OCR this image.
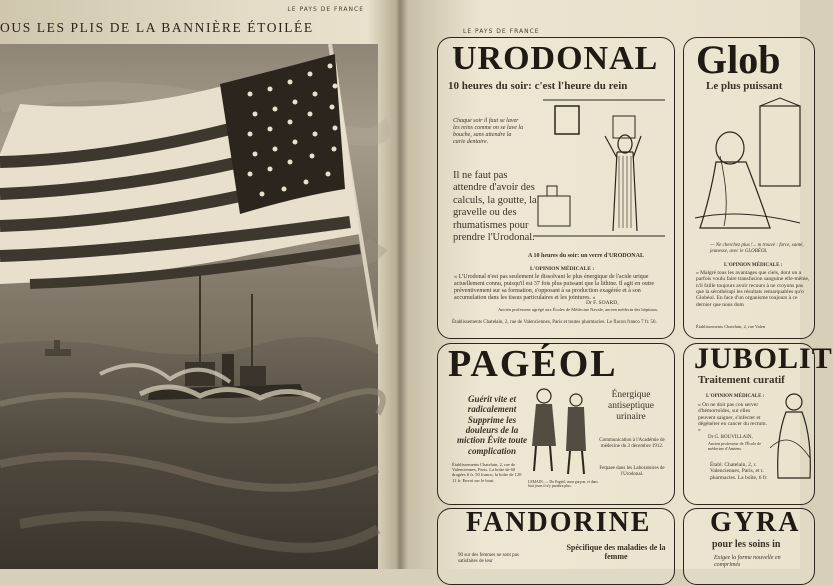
LE PAYS DE FRANCE
OUS LES PLIS DE LA BANNIÈRE ÉTOILÉE	LE PAYS DE FRANCE
URODONAL
10 heures du soir: c'est l'heure du rein
Chaque soir il faut se laver les reins comme on se lave la bouche, sans attendre la carie dentaire.
Il ne faut pas attendre d'avoir des calculs, la goutte, la gravelle ou des rhumatismes pour prendre l'Urodonal.
A 10 heures du soir: un verre d'URODONAL
L'OPINION MÉDICALE :
« L'Urodonal n'est pas seulement le dissolvant le plus énergique de l'acide urique actuellement connu, puisqu'il est 37 fois plus puissant que la lithine. Il agit en outre préventivement sur sa formation, s'opposant à sa production exagérée et à son accumulation dans les tissus particulaires et les jointures. »
Dr F. SOARD,
Ancien professeur agrégé aux Écoles de Médecine Navale, ancien médecin des hôpitaux.
Établissements Chatelain, 2, rue de Valenciennes, Paris et toutes pharmacies. Le flacon franco 7 fr. 50.
Glob
Le plus puissant
— Ne cherchez plus !... m trouvé : force, santé, jeunesse, avec le GLOBÉOL
L'OPINION MÉDICALE :
« Malgré tous les avantages que ciels, dont on a parfois voulu faire transfusion sanguine elle-même, n'il faille toujours avoir recours à ne croyons pas que la sérothérapi les résultats remarquables qu'o Globéol. En face d'un organisme toujours à ce dernier que nous dom
Établissements Chatelain, 2, rue Valen
PAGÉOL
Guérit vite et radicalement Supprime les douleurs de la miction Évite toute complication
LEMAIN. — Du Pagéol, mon garçon, et dans huit jours il n'y paraîtra plus.
Établissements Chatelain, 2, rue de Valenciennes, Paris. La boîte de 60 dragées 6 fr. 50 franco; la boîte de 120 11 fr. Envoi sur le bout.
Énergique antiseptique urinaire
Communication à l'Académie de médecine du 3 décembre 1912.
Fetpaee dans les Laboratoires de l'Urodonal.
JUBOLIT
Traitement curatif
L'OPINION MÉDICALE :
« On ne doit pas con server d'hémorroïdes, sur elles peuvent saigner, s'infecter et dégénérer en cancer du rectum. »
Dr G. BOUVILLAIN,
Ancien professeur de l'École de médecine d'Amiens.
Établ. Chatelain, 2, r. Valenciennes, Paris, et t. pharmacies. La boîte, 6 fr.
FANDORINE
90 sur des femmes ne sont pas satisfaites de leur
Spécifique des maladies de la femme
GYRA
pour les soins in
Exigez la forme nouvelle en comprimés
